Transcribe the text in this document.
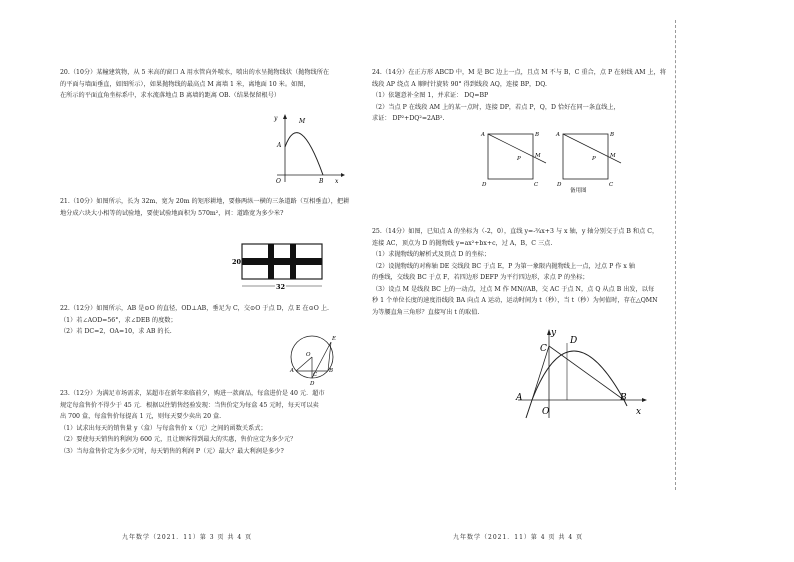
20.（10分）某幢建筑物，从 5 米高的窗口 A 用水管向外喷水，喷出的水呈抛物线状（抛物线所在

的平面与墙面垂直，如图所示），如果抛物线的最高点 M 离墙 1 米，离地面 10 米。如图，

在所示的平面直角坐标系中，求水流落地点 B 离墙的距离 OB.（结果保留根号）

y	M
A
O	B x

21.（10分）如图所示，长为 32m、宽为 20m 的矩形耕地，要修两纵一横的三条道路（互相垂直），把耕

地分成六块大小相等的试验地，要使试验地面积为 570m²，问：道路宽为多少米?

20
32

22.（12分）如图所示，AB 是⊙O 的直径，OD⊥AB，垂足为 C，交⊙O 于点 D，点 E 在⊙O 上.

（1）若∠AOD=56°，求∠DEB 的度数；

（2）若 DC=2，OA=10，求 AB 的长.

E
O
A	B
C
D

23.（12分）为满足市场需求，某超市在新年来临前夕，购进一款商品，每盒进价是 40 元．超市

规定每盒售价不得少于 45 元．根据以往销售经验发现：当售价定为每盒 45 元时，每天可以卖

出 700 盒，每盒售价每提高 1 元，则每天要少卖出 20 盒.

（1）试求出每天的销售量 y（盒）与每盒售价 x（元）之间的函数关系式；

（2）要使每天销售的利润为 600 元，且让顾客得到最大的实惠，售价应定为多少元？

（3）当每盒售价定为多少元时，每天销售的利润 P（元）最大？最大利润是多少?

九年数学（2021．11）第 3 页 共 4 页

24.（14分）在正方形 ABCD 中，M 是 BC 边上一点，且点 M 不与 B，C 重合，点 P 在射线 AM 上，将

线段 AP 绕点 A 顺时针旋转 90° 得到线段 AQ，连接 BP，DQ.

（1）依题意补全图 1，并求证： DQ=BP

（2）当点 P 在线段 AM 上的某一点时，连接 DP，若点 P，Q，D 恰好在同一条直线上，

求证： DP²+DQ²=2AB².

A	B
M
P
D	C
A	B
M
P
D	C
备用图

25.（14分）如图，已知点 A 的坐标为（-2，0），直线 y=-¾x+3 与 x 轴，y 轴分别交于点 B 和点 C，

连接 AC，顶点为 D 的抛物线 y=ax²+bx+c，过 A，B，C 三点.

（1）求抛物线的解析式及顶点 D 的坐标；

（2）设抛物线的对称轴 DE 交线段 BC 于点 E，P 为第一象限内抛物线上一点，过点 P 作 x 轴

的垂线，交线段 BC 于点 F，若四边形 DEFP 为平行四边形，求点 P 的坐标；

（3）设点 M 是线段 BC 上的一动点，过点 M 作 MN//AB，交 AC 于点 N，点 Q 从点 B 出发，以每

秒 1 个单位长度的速度沿线段 BA 向点 A 运动，运动时间为 t（秒），当 t（秒）为何值时，存在△QMN

为等腰直角三角形？直接写出 t 的取值.

y
C
D
A
O
B
x
九年数学（2021．11）第 4 页 共 4 页
